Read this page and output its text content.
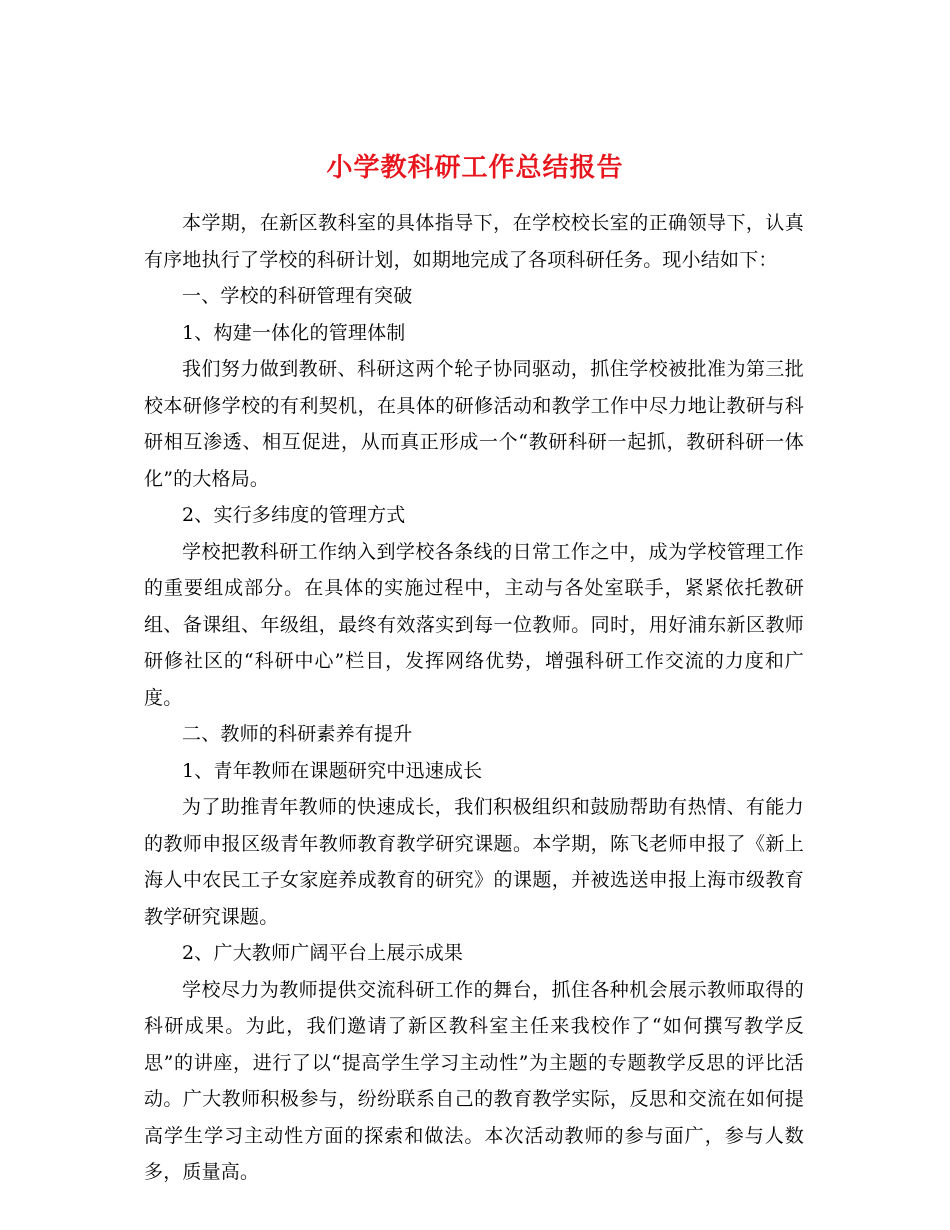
小学教科研工作总结报告

本学期，在新区教科室的具体指导下，在学校校长室的正确领导下，认真有序地执行了学校的科研计划，如期地完成了各项科研任务。现小结如下：

一、学校的科研管理有突破

1、构建一体化的管理体制

我们努力做到教研、科研这两个轮子协同驱动，抓住学校被批准为第三批校本研修学校的有利契机，在具体的研修活动和教学工作中尽力地让教研与科研相互渗透、相互促进，从而真正形成一个“教研科研一起抓，教研科研一体化”的大格局。

2、实行多纬度的管理方式

学校把教科研工作纳入到学校各条线的日常工作之中，成为学校管理工作的重要组成部分。在具体的实施过程中，主动与各处室联手，紧紧依托教研组、备课组、年级组，最终有效落实到每一位教师。同时，用好浦东新区教师研修社区的“科研中心”栏目，发挥网络优势，增强科研工作交流的力度和广度。

二、教师的科研素养有提升

1、青年教师在课题研究中迅速成长

为了助推青年教师的快速成长，我们积极组织和鼓励帮助有热情、有能力的教师申报区级青年教师教育教学研究课题。本学期，陈飞老师申报了《新上海人中农民工子女家庭养成教育的研究》的课题，并被选送申报上海市级教育教学研究课题。

2、广大教师广阔平台上展示成果

学校尽力为教师提供交流科研工作的舞台，抓住各种机会展示教师取得的科研成果。为此，我们邀请了新区教科室主任来我校作了“如何撰写教学反思”的讲座，进行了以“提高学生学习主动性”为主题的专题教学反思的评比活动。广大教师积极参与，纷纷联系自己的教育教学实际，反思和交流在如何提高学生学习主动性方面的探索和做法。本次活动教师的参与面广，参与人数多，质量高。
